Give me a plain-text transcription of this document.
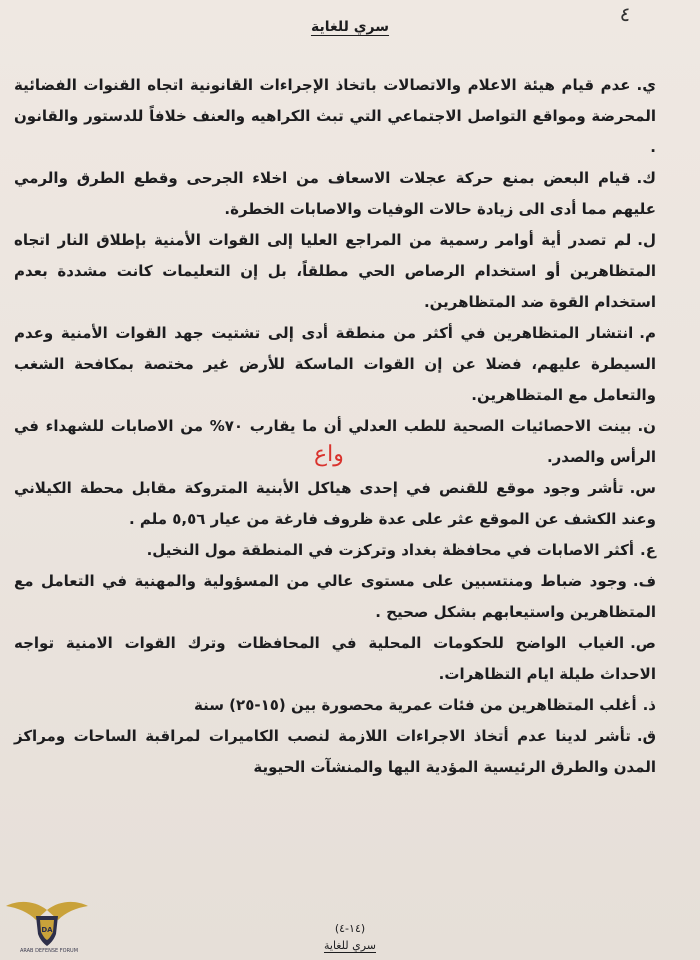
٤
سري للغاية

ي.عدم قيام هيئة الاعلام والاتصالات باتخاذ الإجراءات القانونية اتجاه القنوات الفضائية المحرضة ومواقع التواصل الاجتماعي التي تبث الكراهيه والعنف خلافاً للدستور والقانون .

ك.قيام البعض بمنع حركة عجلات الاسعاف من اخلاء الجرحى وقطع الطرق والرمي عليهم مما أدى الى زيادة حالات الوفيات والاصابات الخطرة.

ل.لم تصدر أية أوامر رسمية من المراجع العليا إلى القوات الأمنية بإطلاق النار اتجاه المتظاهرين أو استخدام الرصاص الحي مطلقاً، بل إن التعليمات كانت مشددة بعدم استخدام القوة ضد المتظاهرين.

م.انتشار المتظاهرين في أكثر من منطقة أدى إلى تشتيت جهد القوات الأمنية وعدم السيطرة عليهم، فضلا عن إن القوات الماسكة للأرض غير مختصة بمكافحة الشغب والتعامل مع المتظاهرين.

ن.بينت الاحصائيات الصحية للطب العدلي أن ما يقارب ٧٠% من الاصابات للشهداء في الرأس والصدر.

س.تأشر وجود موقع للقنص في إحدى هياكل الأبنية المتروكة مقابل محطة الكيلاني وعند الكشف عن الموقع عثر على عدة ظروف فارغة من عيار ٥,٥٦ ملم .

ع.أكثر الاصابات في محافظة بغداد وتركزت في المنطقة مول النخيل.

ف.وجود ضباط ومنتسبين على مستوى عالي من المسؤولية والمهنية في التعامل مع المتظاهرين واستيعابهم بشكل صحيح .

ص.الغياب الواضح للحكومات المحلية في المحافظات وترك القوات الامنية تواجه الاحداث طيلة ايام التظاهرات.

ذ.أغلب المتظاهرين من فئات عمرية محصورة بين (١٥-٢٥) سنة

ق.تأشر لدينا عدم أتخاذ الاجراءات اللازمة لنصب الكاميرات لمراقبة الساحات ومراكز المدن والطرق الرئيسية المؤدية اليها والمنشآت الحيوية

واع
(١٤-٤)
سري للغاية
DA
ARAB DEFENSE FORUM
